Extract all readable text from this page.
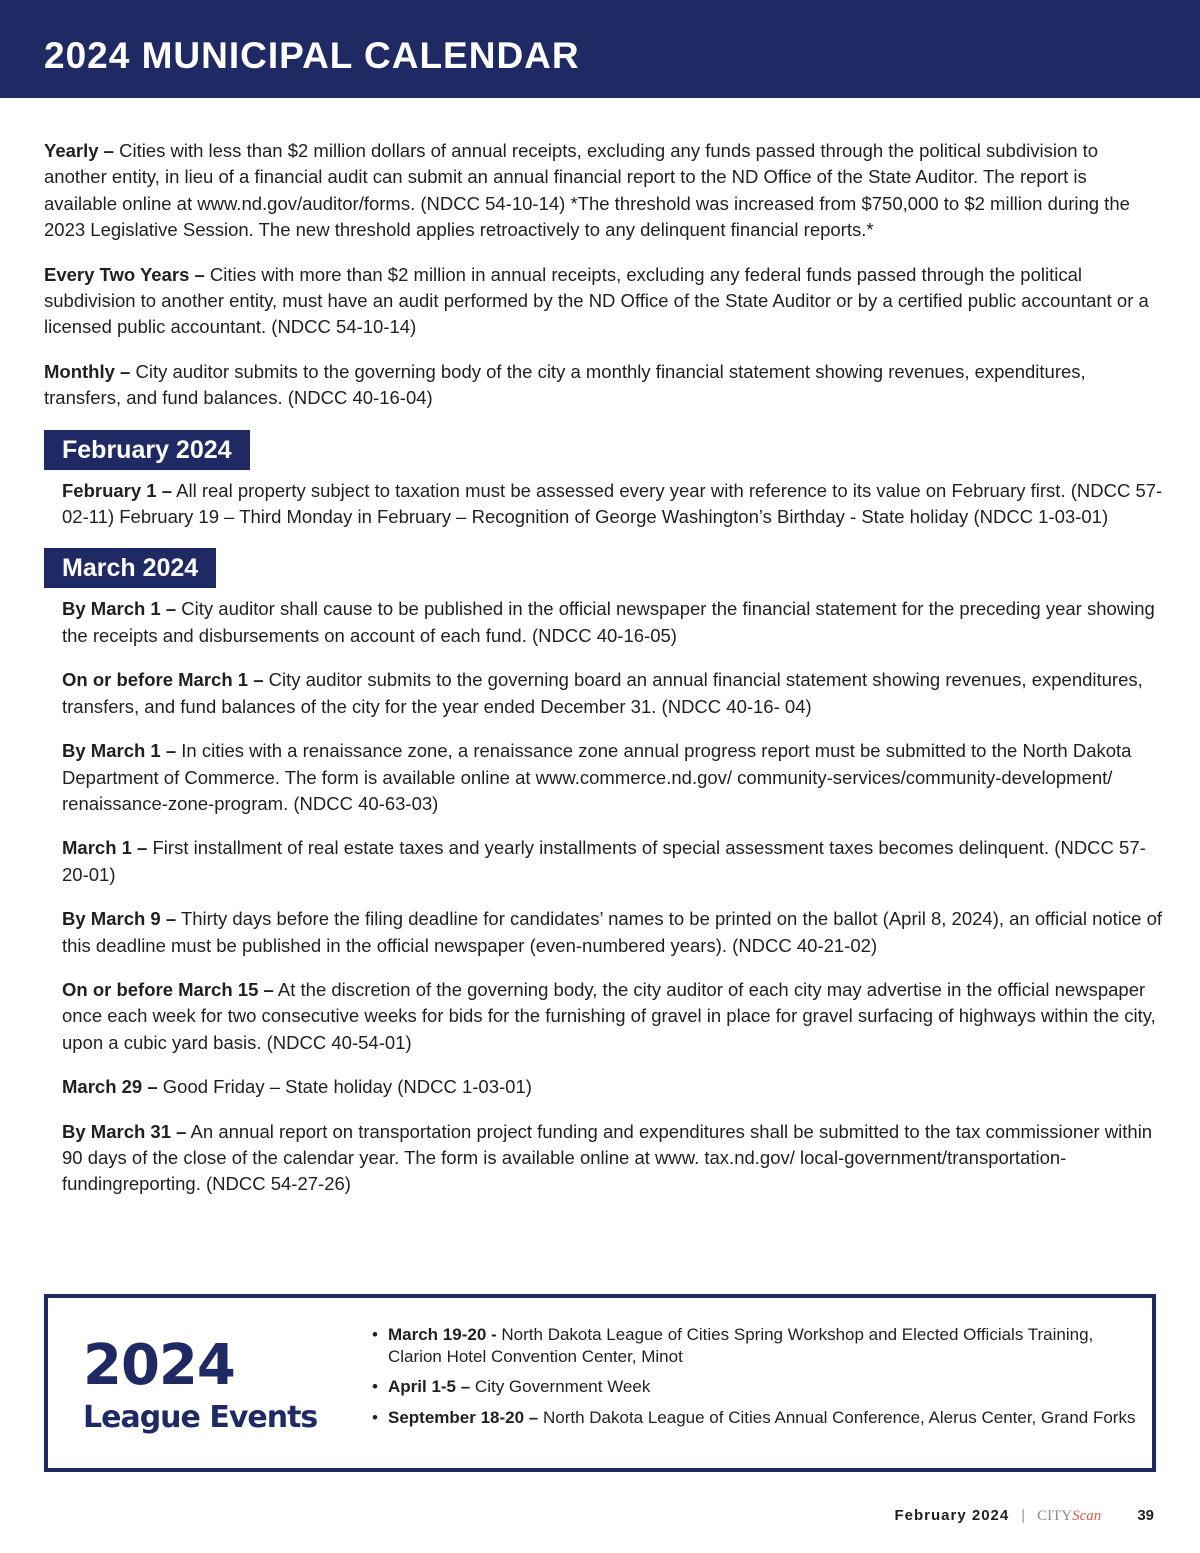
2024 MUNICIPAL CALENDAR

Yearly – Cities with less than $2 million dollars of annual receipts, excluding any funds passed through the political subdivision to another entity, in lieu of a financial audit can submit an annual financial report to the ND Office of the State Auditor. The report is available online at www.nd.gov/auditor/forms. (NDCC 54-10-14) *The threshold was increased from $750,000 to $2 million during the 2023 Legislative Session. The new threshold applies retroactively to any delinquent financial reports.*

Every Two Years – Cities with more than $2 million in annual receipts, excluding any federal funds passed through the political subdivision to another entity, must have an audit performed by the ND Office of the State Auditor or by a certified public accountant or a licensed public accountant. (NDCC 54-10-14)

Monthly – City auditor submits to the governing body of the city a monthly financial statement showing revenues, expenditures, transfers, and fund balances. (NDCC 40-16-04)

February 2024

February 1 – All real property subject to taxation must be assessed every year with reference to its value on February first. (NDCC 57-02-11) February 19 – Third Monday in February – Recognition of George Washington’s Birthday - State holiday (NDCC 1-03-01)

March 2024

By March 1 – City auditor shall cause to be published in the official newspaper the financial statement for the preceding year showing the receipts and disbursements on account of each fund. (NDCC 40-16-05)

On or before March 1 – City auditor submits to the governing board an annual financial statement showing revenues, expenditures, transfers, and fund balances of the city for the year ended December 31. (NDCC 40-16- 04)

By March 1 – In cities with a renaissance zone, a renaissance zone annual progress report must be submitted to the North Dakota Department of Commerce. The form is available online at www.commerce.nd.gov/ community-services/community-development/ renaissance-zone-program. (NDCC 40-63-03)

March 1 – First installment of real estate taxes and yearly installments of special assessment taxes becomes delinquent. (NDCC 57-20-01)

By March 9 – Thirty days before the filing deadline for candidates’ names to be printed on the ballot (April 8, 2024), an official notice of this deadline must be published in the official newspaper (even-numbered years). (NDCC 40-21-02)

On or before March 15 – At the discretion of the governing body, the city auditor of each city may advertise in the official newspaper once each week for two consecutive weeks for bids for the furnishing of gravel in place for gravel surfacing of highways within the city, upon a cubic yard basis. (NDCC 40-54-01)

March 29 – Good Friday – State holiday (NDCC 1-03-01)

By March 31 – An annual report on transportation project funding and expenditures shall be submitted to the tax commissioner within 90 days of the close of the calendar year. The form is available online at www. tax.nd.gov/ local-government/transportation-fundingreporting. (NDCC 54-27-26)

2024
League Events
• March 19-20 - North Dakota League of Cities Spring Workshop and Elected Officials Training, Clarion Hotel Convention Center, Minot
• April 1-5 – City Government Week
• September 18-20 – North Dakota League of Cities Annual Conference, Alerus Center, Grand Forks
February 2024 | CITYScan 39
